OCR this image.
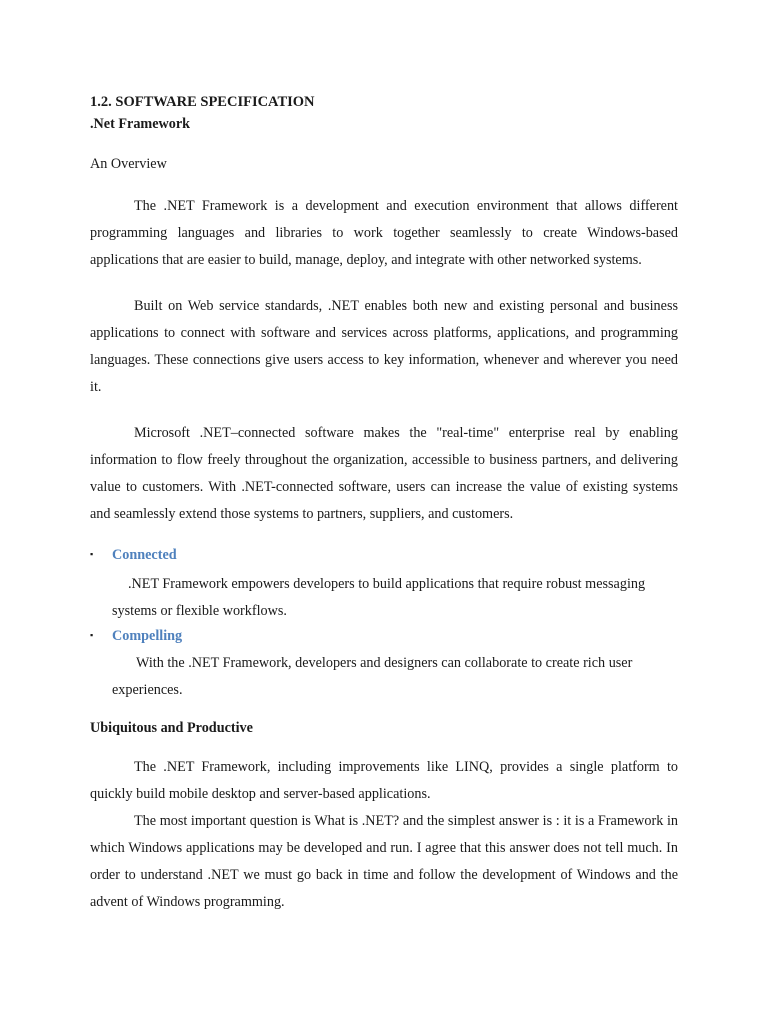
1.2. SOFTWARE SPECIFICATION

.Net Framework

An Overview

The .NET Framework is a development and execution environment that allows different programming languages and libraries to work together seamlessly to create Windows-based applications that are easier to build, manage, deploy, and integrate with other networked systems.

Built on Web service standards, .NET enables both new and existing personal and business applications to connect with software and services across platforms, applications, and programming languages. These connections give users access to key information, whenever and wherever you need it.

Microsoft .NET–connected software makes the "real-time" enterprise real by enabling information to flow freely throughout the organization, accessible to business partners, and delivering value to customers. With .NET-connected software, users can increase the value of existing systems and seamlessly extend those systems to partners, suppliers, and customers.

▪	Connected

.NET Framework empowers developers to build applications that require robust messaging systems or flexible workflows.

▪	Compelling

With the .NET Framework, developers and designers can collaborate to create rich user experiences.

Ubiquitous and Productive

The .NET Framework, including improvements like LINQ, provides a single platform to quickly build mobile desktop and server-based applications.

The most important question is What is .NET? and the simplest answer is : it is a Framework in which Windows applications may be developed and run. I agree that this answer does not tell much. In order to understand .NET we must go back in time and follow the development of Windows and the advent of Windows programming.
